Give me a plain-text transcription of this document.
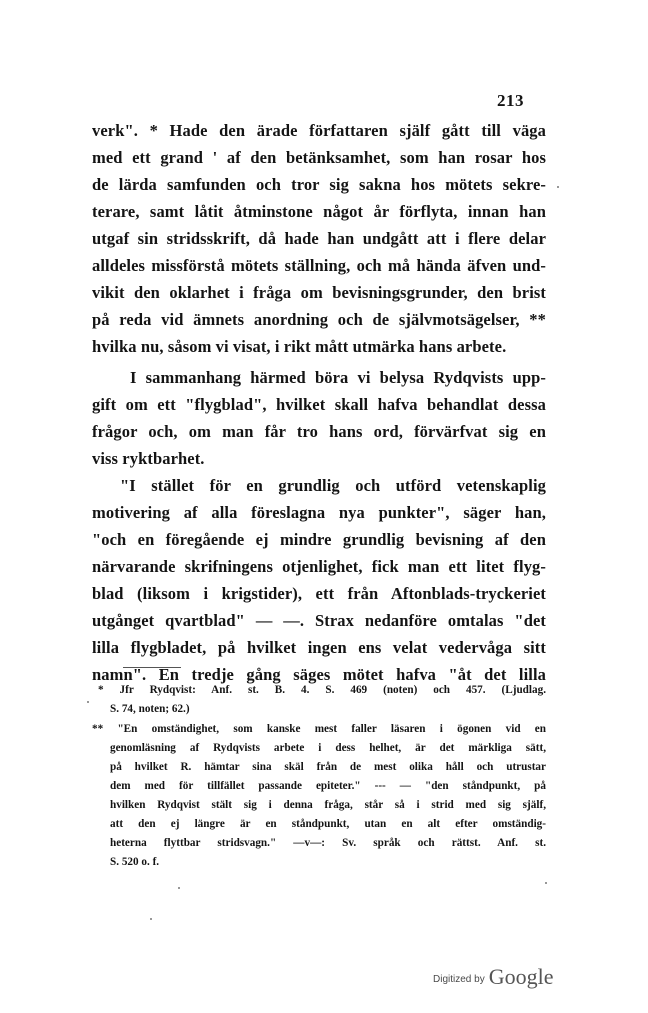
213
verk". * Hade den ärade författaren själf gått till väga
med ett grand ' af den betänksamhet, som han rosar hos
de lärda samfunden och tror sig sakna hos mötets sekre-
terare, samt låtit åtminstone något år förflyta, innan han
utgaf sin stridsskrift, då hade han undgått att i flere delar
alldeles missförstå mötets ställning, och må hända äfven und-
vikit den oklarhet i fråga om bevisningsgrunder, den brist
på reda vid ämnets anordning och de självmotsägelser, **
hvilka nu, såsom vi visat, i rikt mått utmärka hans arbete.
I sammanhang härmed böra vi belysa Rydqvists upp-
gift om ett "flygblad", hvilket skall hafva behandlat dessa
frågor och, om man får tro hans ord, förvärfvat sig en
viss ryktbarhet.
"I stället för en grundlig och utförd vetenskaplig
motivering af alla föreslagna nya punkter", säger han,
"och en föregående ej mindre grundlig bevisning af den
närvarande skrifningens otjenlighet, fick man ett litet flyg-
blad (liksom i krigstider), ett från Aftonblads-tryckeriet
utgånget qvartblad" — —. Strax nedanföre omtalas "det
lilla flygbladet, på hvilket ingen ens velat vedervåga sitt
namn". En tredje gång säges mötet hafva "åt det lilla
* Jfr Rydqvist: Anf. st. B. 4. S. 469 (noten) och 457. (Ljudlag.
S. 74, noten; 62.)
** "En omständighet, som kanske mest faller läsaren i ögonen vid en
genomläsning af Rydqvists arbete i dess helhet, är det märkliga sätt,
på hvilket R. hämtar sina skäl från de mest olika håll och utrustar
dem med för tillfället passande epiteter." --- — "den ståndpunkt, på
hvilken Rydqvist stält sig i denna fråga, står så i strid med sig själf,
att den ej längre är en ståndpunkt, utan en alt efter omständig-
heterna flyttbar stridsvagn." —v—: Sv. språk och rättst. Anf. st.
S. 520 o. f.
Digitized by Google
